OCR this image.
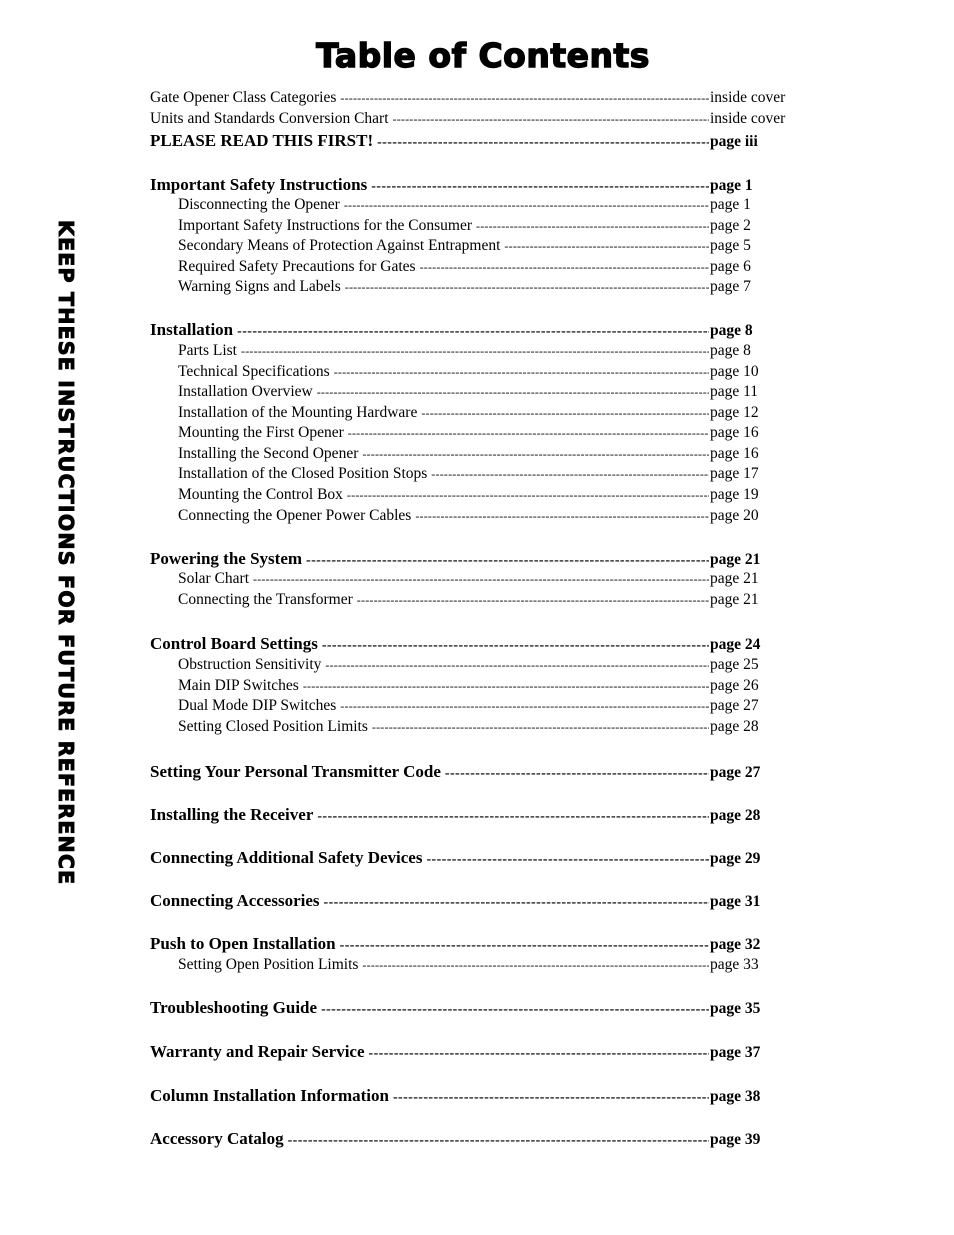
Table of Contents
KEEP THESE INSTRUCTIONS FOR FUTURE REFERENCE
Gate Opener Class Categories -----	inside cover
Units and Standards Conversion Chart -----	inside cover
PLEASE READ THIS FIRST! -----	page iii
Important Safety Instructions -----	page 1
Disconnecting the Opener -----	page 1
Important Safety Instructions for the Consumer -----	page 2
Secondary Means of Protection Against Entrapment -----	page 5
Required Safety Precautions for Gates -----	page 6
Warning Signs and Labels -----	page 7
Installation -----	page 8
Parts List -----	page 8
Technical Specifications -----	page 10
Installation Overview -----	page 11
Installation of the Mounting Hardware -----	page 12
Mounting the First Opener -----	page 16
Installing the Second Opener -----	page 16
Installation of the Closed Position Stops -----	page 17
Mounting the Control Box -----	page 19
Connecting the Opener Power Cables -----	page 20
Powering the System -----	page 21
Solar Chart -----	page 21
Connecting the Transformer -----	page 21
Control Board Settings -----	page 24
Obstruction Sensitivity -----	page 25
Main DIP Switches -----	page 26
Dual Mode DIP Switches -----	page 27
Setting Closed Position Limits -----	page 28
Setting Your Personal Transmitter Code -----	page 27
Installing the Receiver -----	page 28
Connecting Additional Safety Devices -----	page 29
Connecting Accessories -----	page 31
Push to Open Installation -----	page 32
Setting Open Position Limits -----	page 33
Troubleshooting Guide -----	page 35
Warranty and Repair Service -----	page 37
Column Installation Information -----	page 38
Accessory Catalog -----	page 39
